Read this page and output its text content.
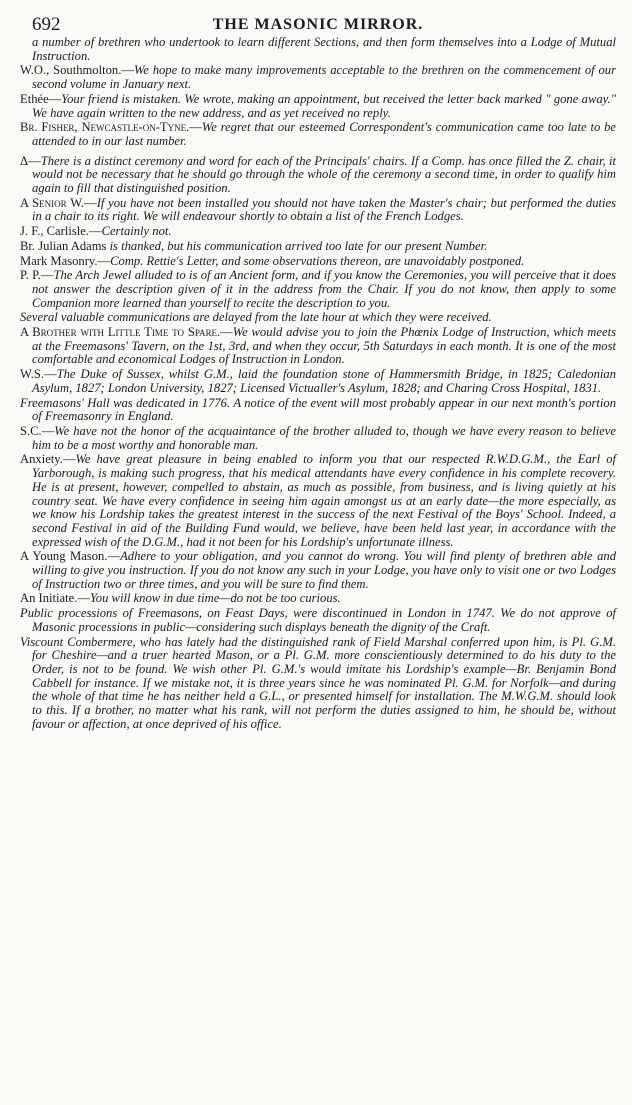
692	THE MASONIC MIRROR.

a number of brethren who undertook to learn different Sections, and then form themselves into a Lodge of Mutual Instruction.

W.O., Southmolton.—We hope to make many improvements acceptable to the brethren on the commencement of our second volume in January next.

Ethée—Your friend is mistaken. We wrote, making an appointment, but received the letter back marked " gone away." We have again written to the new address, and as yet received no reply.

Br. Fisher, Newcastle-on-Tyne.—We regret that our esteemed Correspondent's communication came too late to be attended to in our last number.

Δ—There is a distinct ceremony and word for each of the Principals' chairs. If a Comp. has once filled the Z. chair, it would not be necessary that he should go through the whole of the ceremony a second time, in order to qualify him again to fill that distinguished position.

A Senior W.—If you have not been installed you should not have taken the Master's chair; but performed the duties in a chair to its right. We will endeavour shortly to obtain a list of the French Lodges.

J. F., Carlisle.—Certainly not.

Br. Julian Adams is thanked, but his communication arrived too late for our present Number.

Mark Masonry.—Comp. Rettie's Letter, and some observations thereon, are unavoidably postponed.

P. P.—The Arch Jewel alluded to is of an Ancient form, and if you know the Ceremonies, you will perceive that it does not answer the description given of it in the address from the Chair. If you do not know, then apply to some Companion more learned than yourself to recite the description to you.

Several valuable communications are delayed from the late hour at which they were received.

A Brother with Little Time to Spare.—We would advise you to join the Phœnix Lodge of Instruction, which meets at the Freemasons' Tavern, on the 1st, 3rd, and when they occur, 5th Saturdays in each month. It is one of the most comfortable and economical Lodges of Instruction in London.

W.S.—The Duke of Sussex, whilst G.M., laid the foundation stone of Hammersmith Bridge, in 1825; Caledonian Asylum, 1827; London University, 1827; Licensed Victualler's Asylum, 1828; and Charing Cross Hospital, 1831.

Freemasons' Hall was dedicated in 1776. A notice of the event will most probably appear in our next month's portion of Freemasonry in England.

S.C.—We have not the honor of the acquaintance of the brother alluded to, though we have every reason to believe him to be a most worthy and honorable man.

Anxiety.—We have great pleasure in being enabled to inform you that our respected R.W.D.G.M., the Earl of Yarborough, is making such progress, that his medical attendants have every confidence in his complete recovery. He is at present, however, compelled to abstain, as much as possible, from business, and is living quietly at his country seat. We have every confidence in seeing him again amongst us at an early date—the more especially, as we know his Lordship takes the greatest interest in the success of the next Festival of the Boys' School. Indeed, a second Festival in aid of the Building Fund would, we believe, have been held last year, in accordance with the expressed wish of the D.G.M., had it not been for his Lordship's unfortunate illness.

A Young Mason.—Adhere to your obligation, and you cannot do wrong. You will find plenty of brethren able and willing to give you instruction. If you do not know any such in your Lodge, you have only to visit one or two Lodges of Instruction two or three times, and you will be sure to find them.

An Initiate.—You will know in due time—do not be too curious.

Public processions of Freemasons, on Feast Days, were discontinued in London in 1747. We do not approve of Masonic processions in public—considering such displays beneath the dignity of the Craft.

Viscount Combermere, who has lately had the distinguished rank of Field Marshal conferred upon him, is Pl. G.M. for Cheshire—and a truer hearted Mason, or a Pl. G.M. more conscientiously determined to do his duty to the Order, is not to be found. We wish other Pl. G.M.'s would imitate his Lordship's example—Br. Benjamin Bond Cabbell for instance. If we mistake not, it is three years since he was nominated Pl. G.M. for Norfolk—and during the whole of that time he has neither held a G.L., or presented himself for installation. The M.W.G.M. should look to this. If a brother, no matter what his rank, will not perform the duties assigned to him, he should be, without favour or affection, at once deprived of his office.
